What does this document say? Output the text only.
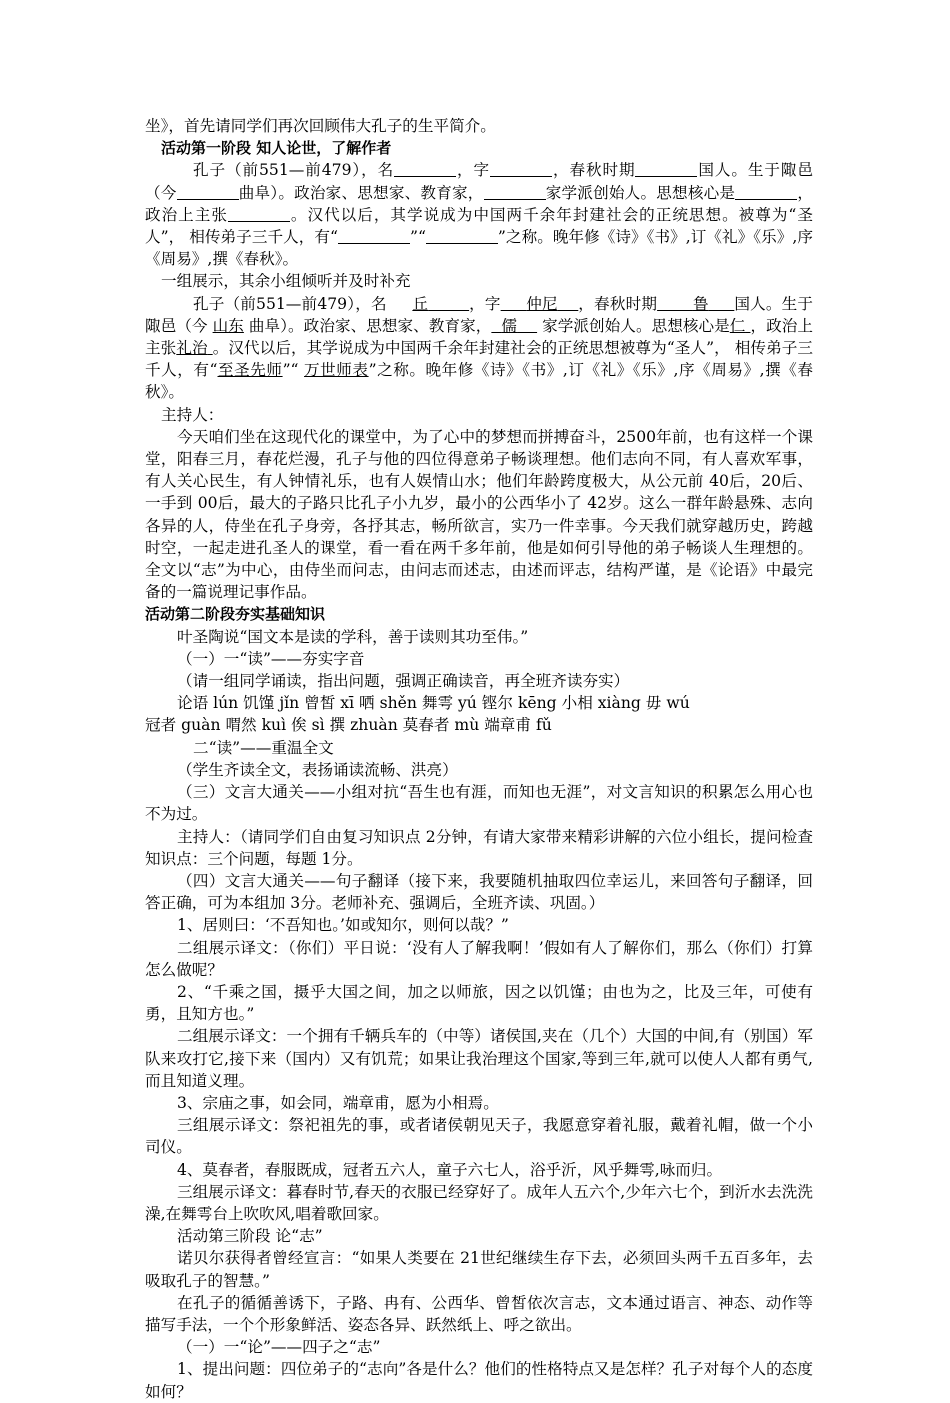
坐》，首先请同学们再次回顾伟大孔子的生平简介。

活动第一阶段 知人论世，了解作者

孔子（前551—前479），名	，字	，春秋时期	国人。生于陬邑（今	曲阜）。政治家、思想家、教育家，	家学派创始人。思想核心是	，政治上主张	。汉代以后，其学说成为中国两千余年封建社会的正统思想。被尊为“圣人”， 相传弟子三千人，有“	”“	”之称。晚年修《诗》《书》,订《礼》《乐》,序《周易》,撰《春秋》。

一组展示，其余小组倾听并及时补充

孔子（前551—前479），名 丘	，字 仲尼 ，春秋时期 鲁 国人。生于陬邑（今 山东 曲阜）。政治家、思想家、教育家， 儒 家学派创始人。思想核心是仁 ，政治上主张礼治 。汉代以后，其学说成为中国两千余年封建社会的正统思想被尊为“圣人”， 相传弟子三千人，有“至圣先师”“ 万世师表”之称。晚年修《诗》《书》,订《礼》《乐》,序《周易》,撰《春秋》。

主持人：

今天咱们坐在这现代化的课堂中，为了心中的梦想而拼搏奋斗，2500年前，也有这样一个课堂，阳春三月，春花烂漫，孔子与他的四位得意弟子畅谈理想。他们志向不同，有人喜欢军事，有人关心民生，有人钟情礼乐，也有人娱情山水；他们年龄跨度极大，从公元前 40后，20后、一手到 00后，最大的子路只比孔子小九岁，最小的公西华小了 42岁。这么一群年龄悬殊、志向各异的人，侍坐在孔子身旁，各抒其志，畅所欲言，实乃一件幸事。今天我们就穿越历史，跨越时空，一起走进孔圣人的课堂，看一看在两千多年前，他是如何引导他的弟子畅谈人生理想的。全文以“志”为中心，由侍坐而问志，由问志而述志，由述而评志，结构严谨，是《论语》中最完备的一篇说理记事作品。

活动第二阶段夯实基础知识

叶圣陶说“国文本是读的学科，善于读则其功至伟。”

（一）一“读”——夯实字音

（请一组同学诵读，指出问题，强调正确读音，再全班齐读夯实）

论语 lún 饥馑 jǐn 曾皙 xī 哂 shěn 舞雩 yú 铿尔 kēng 小相 xiàng 毋 wú

冠者 guàn 喟然 kuì 俟 sì 撰 zhuàn 莫春者 mù 端章甫 fǔ

二“读”——重温全文

（学生齐读全文，表扬诵读流畅、洪亮）

（三）文言大通关——小组对抗“吾生也有涯，而知也无涯”，对文言知识的积累怎么用心也不为过。

主持人：（请同学们自由复习知识点 2分钟，有请大家带来精彩讲解的六位小组长，提问检查知识点：三个问题，每题 1分。

（四）文言大通关——句子翻译（接下来，我要随机抽取四位幸运儿，来回答句子翻译，回答正确，可为本组加 3分。老师补充、强调后，全班齐读、巩固。）

1、居则曰：‘不吾知也。’如或知尔，则何以哉？”

二组展示译文：（你们）平日说：‘没有人了解我啊！’假如有人了解你们，那么（你们）打算怎么做呢？

2、“千乘之国，摄乎大国之间，加之以师旅，因之以饥馑；由也为之，比及三年，可使有勇，且知方也。”

二组展示译文：一个拥有千辆兵车的（中等）诸侯国,夹在（几个）大国的中间,有（别国）军队来攻打它,接下来（国内）又有饥荒；如果让我治理这个国家,等到三年,就可以使人人都有勇气,而且知道义理。

3、宗庙之事，如会同，端章甫，愿为小相焉。

三组展示译文：祭祀祖先的事，或者诸侯朝见天子，我愿意穿着礼服，戴着礼帽，做一个小司仪。

4、莫春者，春服既成，冠者五六人，童子六七人，浴乎沂，风乎舞雩,咏而归。

三组展示译文：暮春时节,春天的衣服已经穿好了。成年人五六个,少年六七个，到沂水去洗洗澡,在舞雩台上吹吹风,唱着歌回家。

活动第三阶段 论“志”

诺贝尔获得者曾经宣言：“如果人类要在 21世纪继续生存下去，必须回头两千五百多年，去吸取孔子的智慧。”

在孔子的循循善诱下，子路、冉有、公西华、曾皙依次言志，文本通过语言、神态、动作等描写手法，一个个形象鲜活、姿态各异、跃然纸上、呼之欲出。

（一）一“论”——四子之“志”

1、提出问题：四位弟子的“志向”各是什么？他们的性格特点又是怎样？孔子对每个人的态度如何？
